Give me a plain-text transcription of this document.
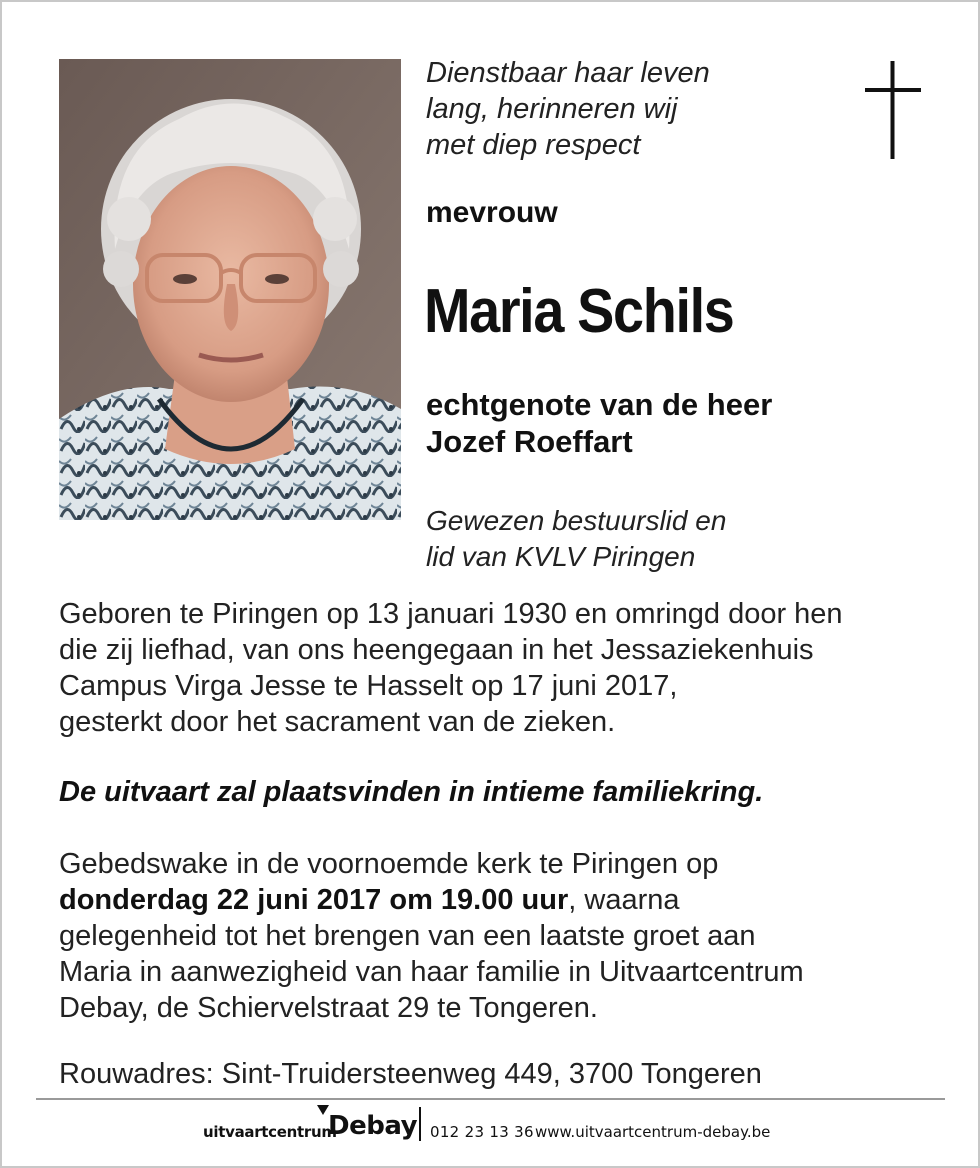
Dienstbaar haar leven
lang, herinneren wij
met diep respect
mevrouw
Maria Schils
echtgenote van de heer
Jozef Roeffart
Gewezen bestuurslid en
lid van KVLV Piringen
Geboren te Piringen op 13 januari 1930 en omringd door hen
die zij liefhad, van ons heengegaan in het Jessaziekenhuis
Campus Virga Jesse te Hasselt op 17 juni 2017,
gesterkt door het sacrament van de zieken.
De uitvaart zal plaatsvinden in intieme familiekring.
Gebedswake in de voornoemde kerk te Piringen op
donderdag 22 juni 2017 om 19.00 uur, waarna
gelegenheid tot het brengen van een laatste groet aan
Maria in aanwezigheid van haar familie in Uitvaartcentrum
Debay, de Schiervelstraat 29 te Tongeren.
Rouwadres: Sint-Truidersteenweg 449, 3700 Tongeren
uitvaartcentrum
Debay 012 23 13 36 www.uitvaartcentrum-debay.be
